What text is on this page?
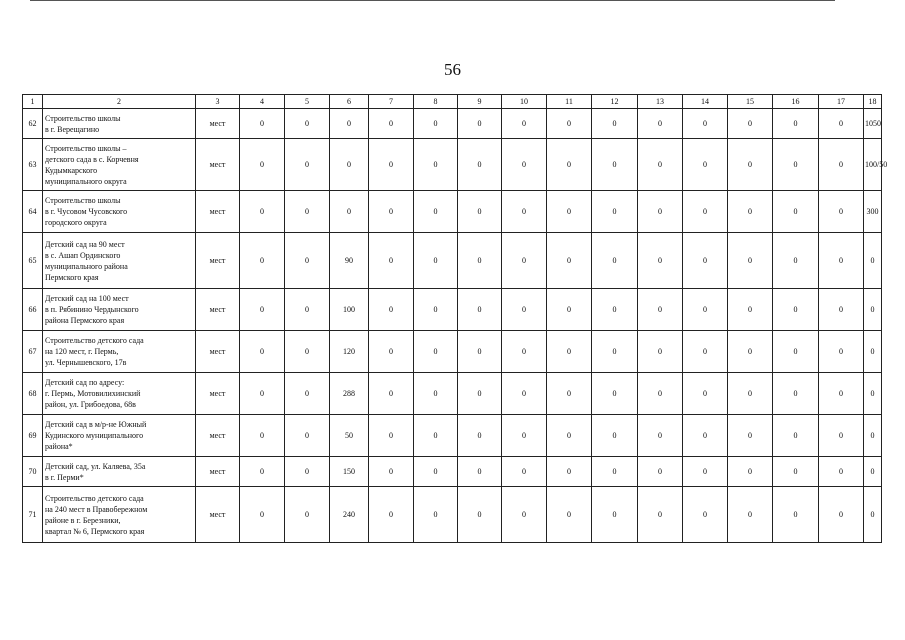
56
1	2	3	4	5	6	7	8	9	10	11	12	13	14	15	16	17	18
62	Строительство школы
в г. Верещагино	мест	0	0	0	0	0	0	0	0	0	0	0	0	0	0	1050
63	Строительство школы –
детского сада в с. Корчевня
Кудымкарского
муниципального округа	мест	0	0	0	0	0	0	0	0	0	0	0	0	0	0	100/50
64	Строительство школы
в г. Чусовом Чусовского
городского округа	мест	0	0	0	0	0	0	0	0	0	0	0	0	0	0	300
65	Детский сад на 90 мест
в с. Ашап Ординского
муниципального района
Пермского края	мест	0	0	90	0	0	0	0	0	0	0	0	0	0	0	0
66	Детский сад на 100 мест
в п. Рябинино Чердынского
района Пермского края	мест	0	0	100	0	0	0	0	0	0	0	0	0	0	0	0
67	Строительство детского сада
на 120 мест, г. Пермь,
ул. Чернышевского, 17в	мест	0	0	120	0	0	0	0	0	0	0	0	0	0	0	0
68	Детский сад по адресу:
г. Пермь, Мотовилихинский
район, ул. Грибоедова, 68в	мест	0	0	288	0	0	0	0	0	0	0	0	0	0	0	0
69	Детский сад в м/р-не Южный
Кудинского муниципального
района*	мест	0	0	50	0	0	0	0	0	0	0	0	0	0	0	0
70	Детский сад, ул. Каляева, 35а
в г. Перми*	мест	0	0	150	0	0	0	0	0	0	0	0	0	0	0	0
71	Строительство детского сада
на 240 мест в Правобережном
районе в г. Березники,
квартал № 6, Пермского края	мест	0	0	240	0	0	0	0	0	0	0	0	0	0	0	0
